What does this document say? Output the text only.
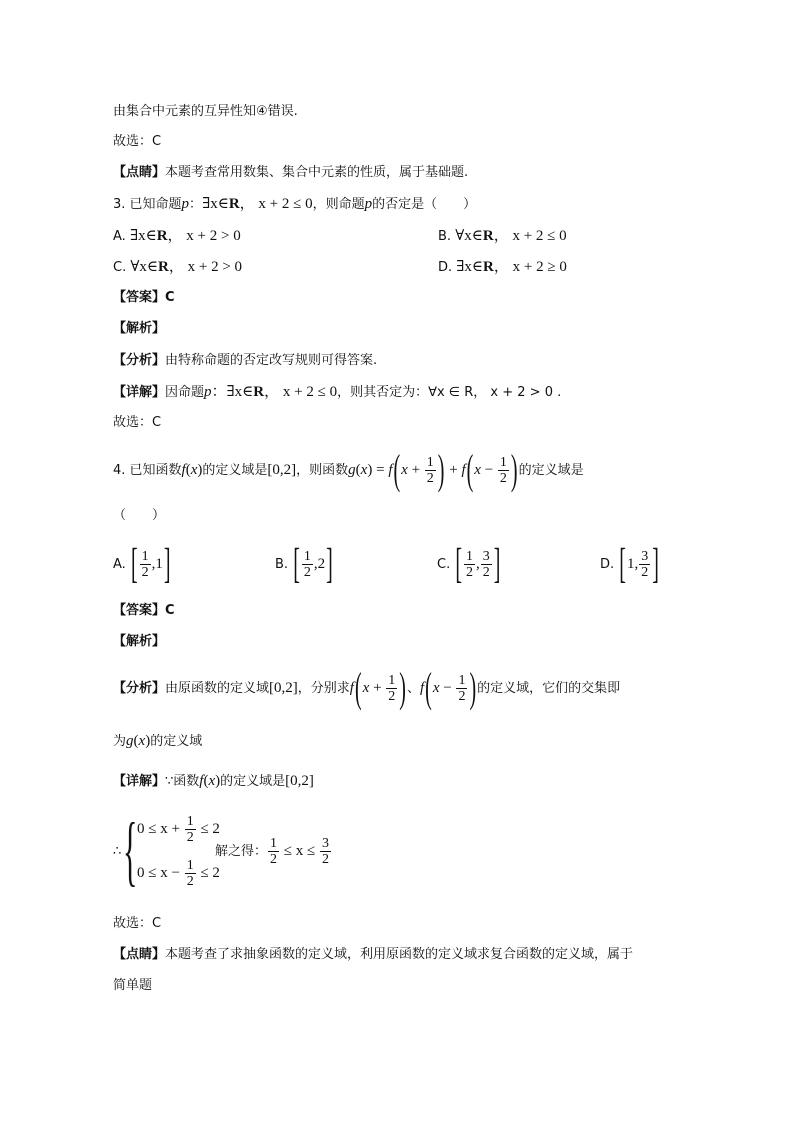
由集合中元素的互异性知④错误.
故选：C
【点睛】本题考查常用数集、集合中元素的性质，属于基础题.
3. 已知命题p：∃x∈R， x + 2 ≤ 0，则命题p的否定是（　　）
A. ∃x∈R， x + 2 > 0	B. ∀x∈R， x + 2 ≤ 0
C. ∀x∈R， x + 2 > 0	D. ∃x∈R， x + 2 ≥ 0
【答案】C
【解析】
【分析】由特称命题的否定改写规则可得答案.
【详解】因命题p：∃x∈R， x + 2 ≤ 0，则其否定为：∀x ∈ R， x + 2 > 0 .
故选：C
4. 已知函数f(x)的定义域是[0,2]，则函数$g(x) = f(x + \frac{1}{2}$ ) + $f(x - \frac{1}{2}$ )的定义域是
（　　）
A. [ $\frac{1}{2} ,1$]	B. [ $\frac{1}{2} ,2$]	C. [ $\frac{1}{2}$ , $\frac{3}{2}$ ]	D. [1, $\frac{3}{2}$ ]
【答案】C
【解析】
【分析】由原函数的定义域[0,2]，分别求$f(x + \frac{1}{2}$ )、$f(x - \frac{1}{2}$ )的定义域，它们的交集即
为g(x)的定义域
【详解】∵函数f(x)的定义域是[0,2]
∴ { $0 \le x + \frac{1}{2} \le 2$
$0 \le x - \frac{1}{2} \le 2$
解之得： $\frac{1}{2} \le x \le \frac{3}{2}$
故选：C
【点睛】本题考查了求抽象函数的定义域，利用原函数的定义域求复合函数的定义域，属于
简单题
